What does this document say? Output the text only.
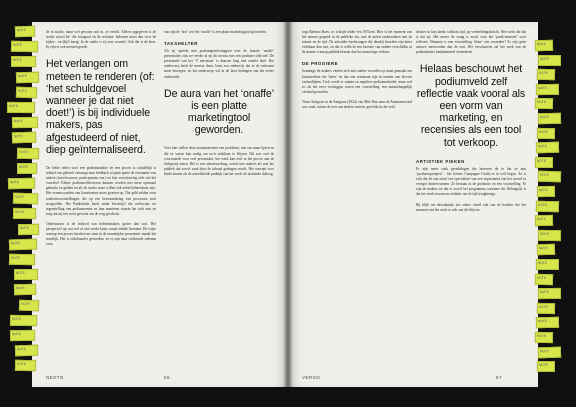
de in studio, maar wel gewoon ook in, ze vertelt. Alleen opgegeven is de studie zowel be- die fotograaf en de reclame. Iedereen moet dan voor de kijker... en blijft bezig. In de studio is zij zeer creatief. Ook dat is de kern. Er zijn er ook mensen goede.
Het verlangen om meteen te renderen (of: ‘het schuldgevoel wanneer je dat niet doet!’) is bij individuele makers, pas afgestudeerd of niet, diep geïnternaliseerd.
De beide reden voor een podiumtraditie en een proces is schadelijk is relatief een gebruik vertraagt naar feedback of participatie de resonantie van andere (toeschouwers, participanten enz.) en hier verschuiving zich wel het voordeel. Kleine podiumcollectieven kunnen worden niet meer optimaal gebruikt en gelden en als de studio moet willen ook enkel beheersbaar zijn. Het verantwoorden van kunstenaars moet groeien op. Dat geld zelden voor realiteitsvoorstellingen, die op een herwaardering van processen toch terugvallen. Het Punktfonds heeft onder beschrijft die werkwijze ter tegenstelling van podiumcentra en hun manieren waarin het toch met en zorg dat zij een soort gewoon om de weg geschetst.

Ondertussen is de invloed van beleidsmakers groter dan ooit. Het perspectief op wat wel of niet werkt komt vanuit enkele bronnen. De wijze waarop een proces beschreven staat in de tussentijdse presentatie maakt het moeilijk. Het is zichtbaarder geworden, en er zijn daar voldoende redenen voor.
van zijn de ‘hoe’ wie het ‘onaffe’ is een platte marketingtool geworden.
TAKSHELTER
Als zij spreekt met podiumgezelschappen over de functie ‘onaffe’ presentaties zijn we eerder al op dit niveau met een podium-collectief. De presentatie van het ‘T mecenaat’ is daarom lang niet zonder doel. Het onderwerp heeft de meeste doen, kuns een onderwijs dat in de toekomst moet bewegen, en het onderwerp wil in de lasst bedragen van het eerste onderzoek.
De aura van het ‘onaffe’ is een platte marketingtool geworden.
Voor hen stellen deze toonmomenten een probleem, niet om maar lijnen en die ze waren hun nodig om toch zichtbare te blijven. Dit was ooit de voorwaarde voor veel presentatie: het werk kan zich in het proces aan de doelgroep tonen. Het is een samenwerking, zowel met makers als met het publiek dat zowel vaak door de inhoud gedragen wordt. Het concept voor beide kanten als de ontwikkelde praktijk van het werk: de artistieke dialoog.
NEXTO	56
zegt Barbara Raes, zo schrijft telder een NTGent. Hier is het moment van het nieuwe gesprek in de publieke zin, met de meest onderzoeken met de ruimte en de tijd. De artistieke beslissingen die daarbij hoorden zijn beter zichtbaar dan ooit, en dat is wellicht een kwestie van andere verschillen in de manier waarop publiek bestaat dan het aanwezige verkeer.
DE PROOIERE
Sommige de makers vinden zich met andere woorden op maat gemaakt om kunstwerken die ‘beter’ en dus een semanant zijn in termen van diverse verhaallijnen. Toch wordt er ruimte en reguliere podiumsubsidie, maar wel zo als het eerst verslaggen waren een voorstelling, een maatschappelijk verhaal geworden.

Team Antigone in de Antigone (2022) van Milo Rau naar de Amazonewoud was vaak, tussen de ooit van andere soorten, geschikt in die veld.
dossier in hun banks welkom tijd, op verbeeldingskracht. Niet sterk dat dat is dat zij. Het meest de vraag is zoals voor het ‘punk-moment’ voor reflectie. Wanneer is een voorstelling ‘klaar’ een verandert? Er zijn geen nieuwe antwoorden dan de ooit. Het verschuiven zal het werk van de podiumkunst fundamenteel veranderen.
Helaas beschouwt het podiumveld zelf reflectie vaak vooral als een vorm van marketing, en recensies als een tool tot verkoop.
ARTISTIEK PIEKEN
Er zijn meer vaak gesteldingen die beweren de te dat ze met ‘productoproepen’ – het Gentse Campagne Ceulla er in wilt begon. Ze is echt dat de ene actief een specialiteit van een experiment van het woord in vroeger theatervormen. Ze bestaan in de productie en een voorstelling. Er zijn de makers en dat er zowel het programma waarmee dit. Belangrijk is dat het werk een nieuw realiteit van de tijd terugbrengt.

Bij blijft me desondanks iets zeker: ofwel ook van de houders die het moment van het werk er ook van die blijven.
VERSO	57
NOTE
NOTE
NOTE
NOTE
NOTE
NOTE
NOTE
NOTE
NOTE
NOTE
NOTE
NOTE
NOTE
NOTE
NOTE
NOTE
NOTE
NOTE
NOTE
NOTE
NOTE
NOTE
NOTE
NOTE
NOTE
NOTE
NOTE
NOTE
NOTE
NOTE
NOTE
NOTE
NOTE
NOTE
NOTE
NOTE
NOTE
NOTE
NOTE
NOTE
NOTE
NOTE
NOTE
NOTE
NOTE
NOTE
